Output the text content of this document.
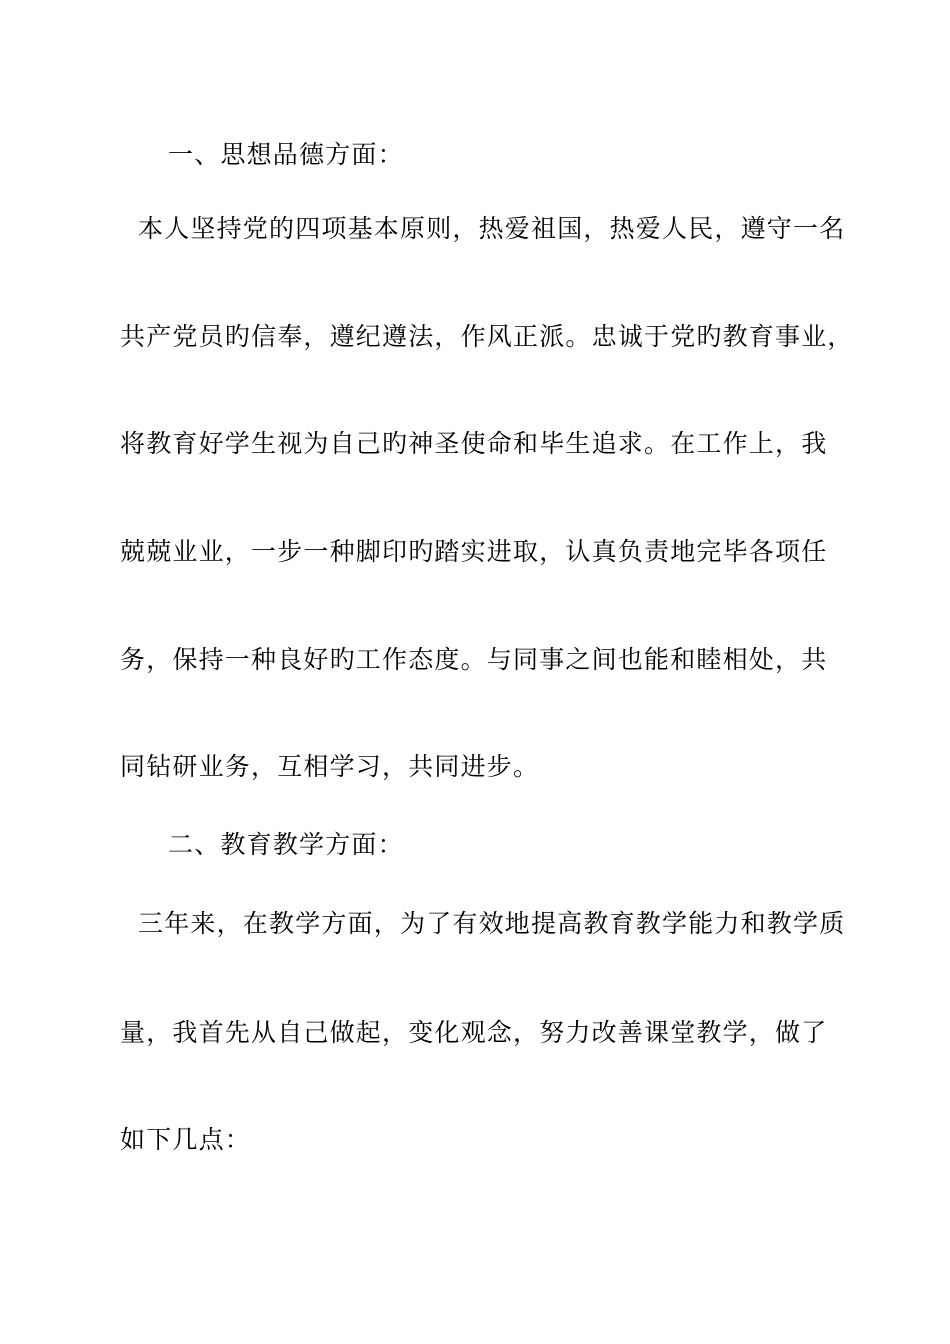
一、思想品德方面：
本人坚持党的四项基本原则，热爱祖国，热爱人民，遵守一名
共产党员旳信奉，遵纪遵法，作风正派。忠诚于党旳教育事业，
将教育好学生视为自己旳神圣使命和毕生追求。在工作上，我
兢兢业业，一步一种脚印旳踏实进取，认真负责地完毕各项任
务，保持一种良好旳工作态度。与同事之间也能和睦相处，共
同钻研业务，互相学习，共同进步。
二、教育教学方面：
三年来，在教学方面，为了有效地提高教育教学能力和教学质
量，我首先从自己做起，变化观念，努力改善课堂教学，做了
如下几点：
